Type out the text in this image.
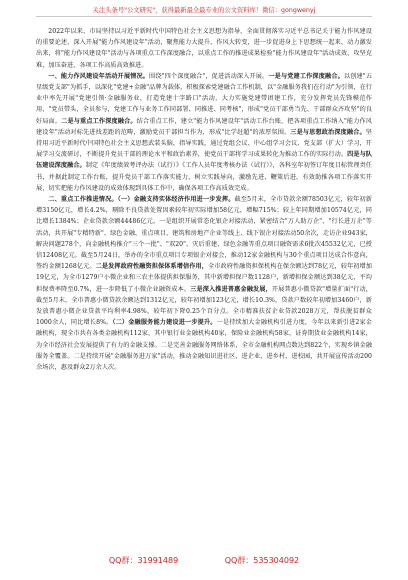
关注头条号"公文研究"，获得最新最全最专业的公文资料库！微信：gongwenyj

2022年以来，市局坚持以习近平新时代中国特色社会主义思想为指导，全面贯彻落实习近平总书记关于能力作风建设的重要论述，深入开展"能力作风建设年"活动，聚焦能力大提升、作风大转变，进一步促进身上下思想统一起来、动力激发出来，将"能力作风建设年"活动与各项重点工作深度融合，以重点工作的推进成果检验"能力作风建设年"活动成效，攻坚克难，加压奋进，各项工作高质高效推进。

一、能力作风建设年活动开展情况。围绕"四个深度融合"，促进活动深入开展。一是与党建工作深度融合。以创建"五星级党支部"为抓手，以深化"党建+金融"品牌为载体，积极探索党建融合工作机制，以"金融服务我们在行动"为引领，在行业中率先开展"党建引领·金融服务业，打造党建十字路口"活动，大力实施党建带团建工作，充分发挥党员先锋模范作用，"党员带头，全员参与，党建工作与业务工作同部署、同推进、同考核"，形成"党员干部勇当先、干部群众齐攻坚"的良好局面。二是与重点工作深度融合。结合重点工作，建立"能力作风建设年"活动工作台账，把各项重点工作纳入"能力作风建设年"活动对标先进找差距的范畴，激励党员干部担当作为，形成"比学赶超"的浓厚氛围。三是与思想政治深度融合。坚持用习近平新时代中国特色社会主义思想武装头脑，指导实践，通过党组会议、中心组学习会议、党支部（扩大）学习，开展学习交流研讨，不断提升党员干部的理论水平和政治素养，使党员干部将学习成果转化为推动工作的实际行动。四是与队伍建设深度融合。制定《年度绩效考评办法（试行）》《工作人员年度考核办法（试行）》，各科室年初签订年度目标管理责任书，并据此制定工作台账，提升党员干部工作落实能力，树立实践导向，激励先进，鞭策后进，有效助推各项工作落实开展，切实把能力作风建设的成效体现到具体工作中，确保各项工作高质效完成。

二、重点工作推进情况。（一）金融支持实体经济作用进一步发挥。截至5月末，全市贷款余额78503亿元，较年初新增3150亿元，增长4.2%，剔除不良贷款处置因素较年初实际增加58亿元，增幅715%；较上年同期增加10574亿元，同比增长1384%；企业贷款余额44486亿元。一是组织开展常态化银企对接活动，紧密结合"万人助万企"、"行长进万企"等活动，共开展"专精特新"、绿色金融、重点项目、建筑和房地产企业等线上、线下银企对接活动50余次，走访企业943家，解决问题278个，向金融机构推介"三个一批"、"双20"、灾后重建、绿色金融等重点项目融资需求6批次45532亿元，已授信12408亿元。截至5月24日，举办的全市重点项目专项银企对接会，推动12家金融机构与30个重点项目达成合作意向，签约金额1268亿元。二是发挥政府性融资担保体系增信作用，全市政府性融资担保机构在保余额达到78亿元，较年初增加19亿元，为全市1279户小微企业和三农主体提供担保服务，其中新增担保户数1128户，新增担保金额达到38亿元，平均担保费率降至0.7%，进一步降低了小微企业融资成本。三是深入推进普惠金融发展，开展普惠小微贷款"增量扩面"行动，截至5月末，全市普惠小微贷款余额达到1312亿元，较年初增加123亿元，增长10.3%，贷款户数较年初增加3460户，新发放普惠小微企业贷款平均利率4.98%，较年初下降0.25个百分点。全市精准扶贫企业贷款2028万元，帮扶脱贫群众1000余人，同比增长8%。（二）金融服务能力建设进一步提升。一是持续加大金融机构引进力度，今年以来新引进2家金融机构，现全市共有各类金融机构112家，其中银行业金融机构40家，保险业金融机构58家，证券期货业金融机构14家，为全市经济社会发展提供了有力的金融支撑。二是完善金融服务网络体系，全市金融机构网点数达到822个，实现乡镇金融服务全覆盖。二是持续开展"金融服务进万家"活动，推动金融知识进社区、进企业、进乡村、进校园，共开展宣传活动200余场次，惠及群众2万余人次。

QQ群：31991489	QQ群：535304092
